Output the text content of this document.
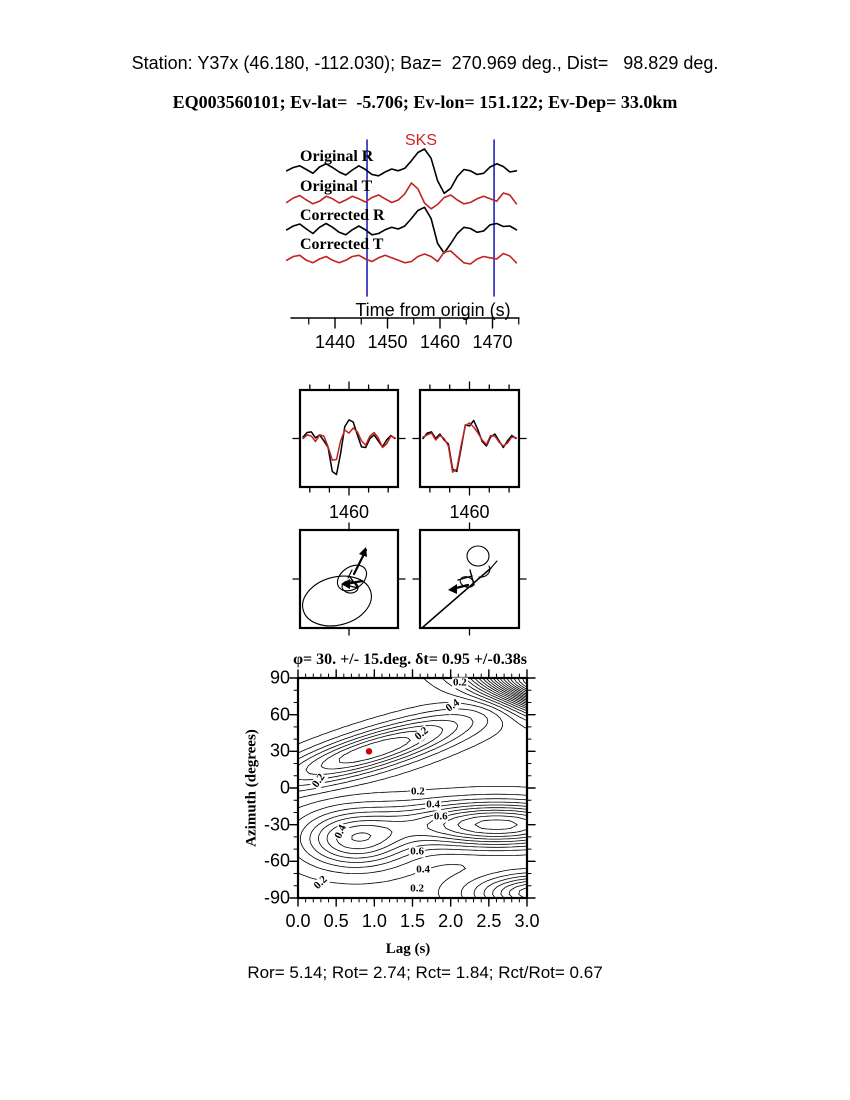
Station: Y37x (46.180, -112.030); Baz=  270.969 deg., Dist=   98.829 deg.
EQ003560101; Ev-lat=  -5.706; Ev-lon= 151.122; Ev-Dep= 33.0km
SKS
Original R
Original T
Corrected R
Corrected T
Time from origin (s)
φ= 30. +/- 15.deg. δt= 0.95 +/-0.38s
Azimuth (degrees)
Lag (s)
Ror= 5.14; Rot= 2.74; Rct= 1.84; Rct/Rot= 0.67
1440 1450 1460 1470
1460	1460
0.0 0.5 1.0 1.5 2.0 2.5 3.0
90
60
30
0
-30
-60
-90
0.2
0.4
0.2
0.2
0.4
0.6
0.2
0.4
0.6
0.4
0.2
0.2
